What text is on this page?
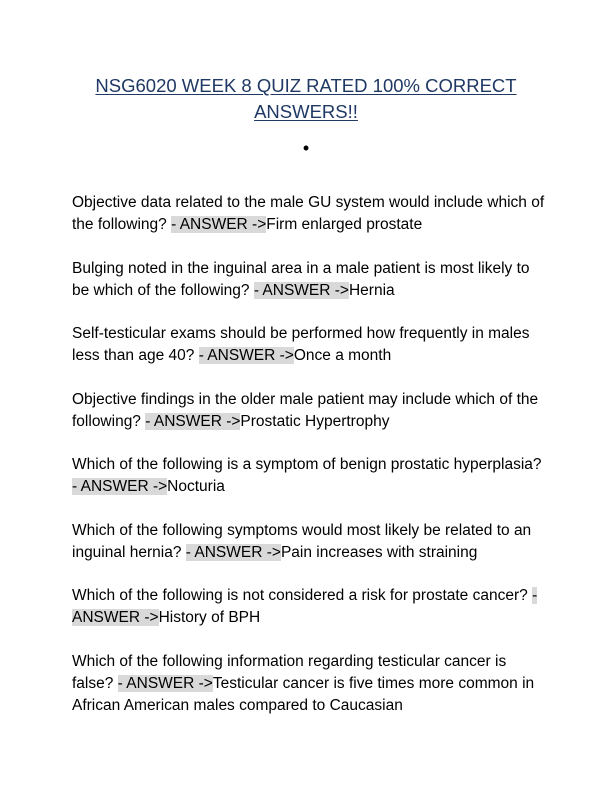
NSG6020 WEEK 8 QUIZ RATED 100% CORRECT ANSWERS!!
•

Objective data related to the male GU system would include which of the following? - ANSWER ->Firm enlarged prostate

Bulging noted in the inguinal area in a male patient is most likely to be which of the following? - ANSWER ->Hernia

Self-testicular exams should be performed how frequently in males less than age 40? - ANSWER ->Once a month

Objective findings in the older male patient may include which of the following? - ANSWER ->Prostatic Hypertrophy

Which of the following is a symptom of benign prostatic hyperplasia? - ANSWER ->Nocturia

Which of the following symptoms would most likely be related to an inguinal hernia? - ANSWER ->Pain increases with straining

Which of the following is not considered a risk for prostate cancer? - ANSWER ->History of BPH

Which of the following information regarding testicular cancer is false? - ANSWER ->Testicular cancer is five times more common in African American males compared to Caucasian
